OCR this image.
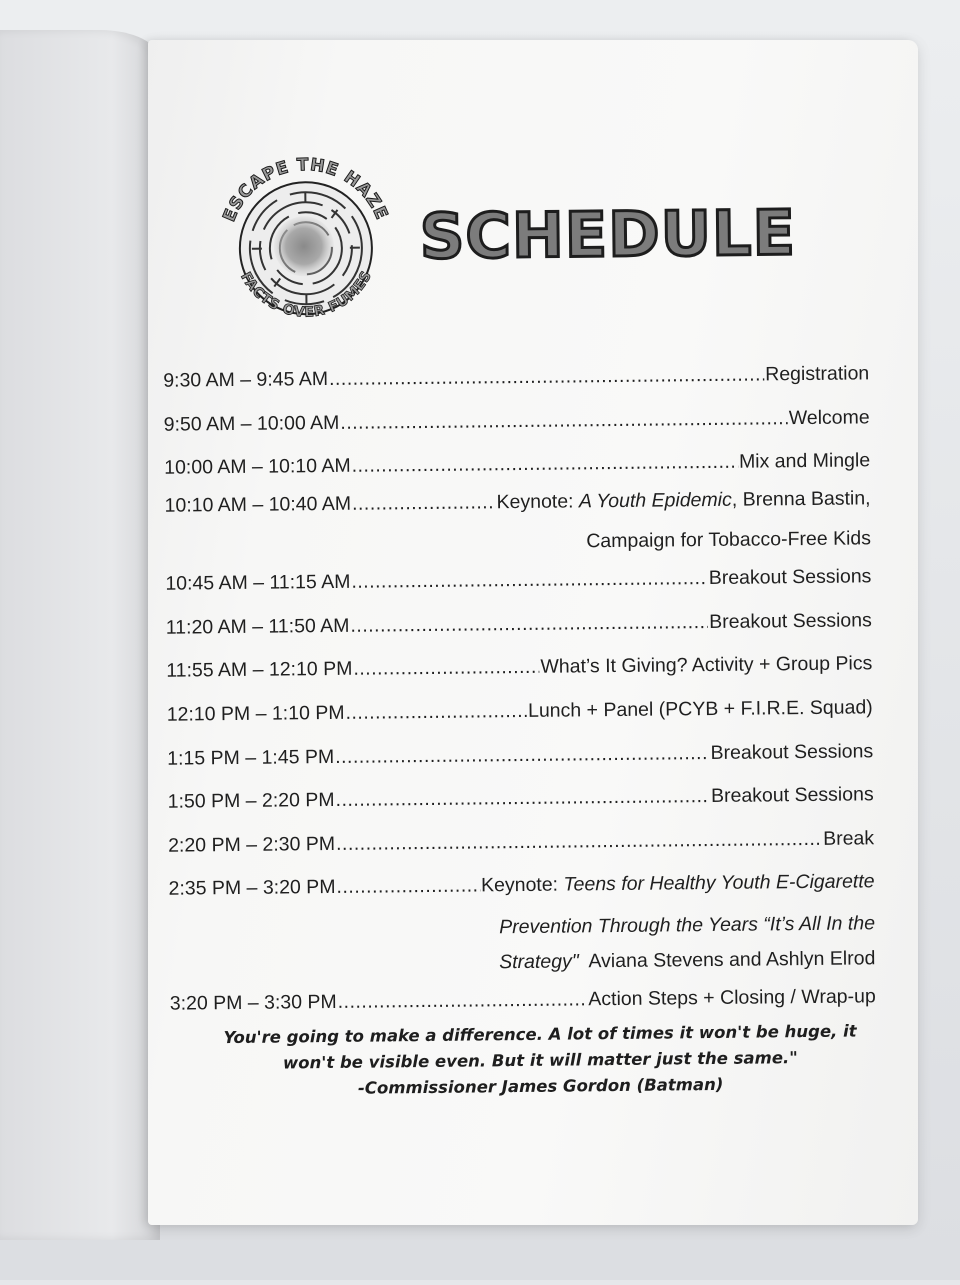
ESCAPE THE HAZE
FACTS OVER FUMES
SCHEDULE
9:30 AM – 9:45 AM .....	Registration
9:50 AM – 10:00 AM .....	Welcome
10:00 AM – 10:10 AM .....	Mix and Mingle
10:10 AM – 10:40 AM .....	Keynote: A Youth Epidemic, Brenna Bastin,
Campaign for Tobacco-Free Kids
10:45 AM – 11:15 AM .....	Breakout Sessions
11:20 AM – 11:50 AM .....	Breakout Sessions
11:55 AM – 12:10 PM .....	What’s It Giving? Activity + Group Pics
12:10 PM – 1:10 PM .....	Lunch + Panel (PCYB + F.I.R.E. Squad)
1:15 PM – 1:45 PM .....	Breakout Sessions
1:50 PM – 2:20 PM .....	Breakout Sessions
2:20 PM – 2:30 PM .....	Break
2:35 PM – 3:20 PM .....	Keynote: Teens for Healthy Youth E-Cigarette
Prevention Through the Years “It’s All In the
Strategy"  Aviana Stevens and Ashlyn Elrod
3:20 PM – 3:30 PM .....	Action Steps + Closing / Wrap-up
You're going to make a difference. A lot of times it won't be huge, it
won't be visible even. But it will matter just the same."
-Commissioner James Gordon (Batman)
